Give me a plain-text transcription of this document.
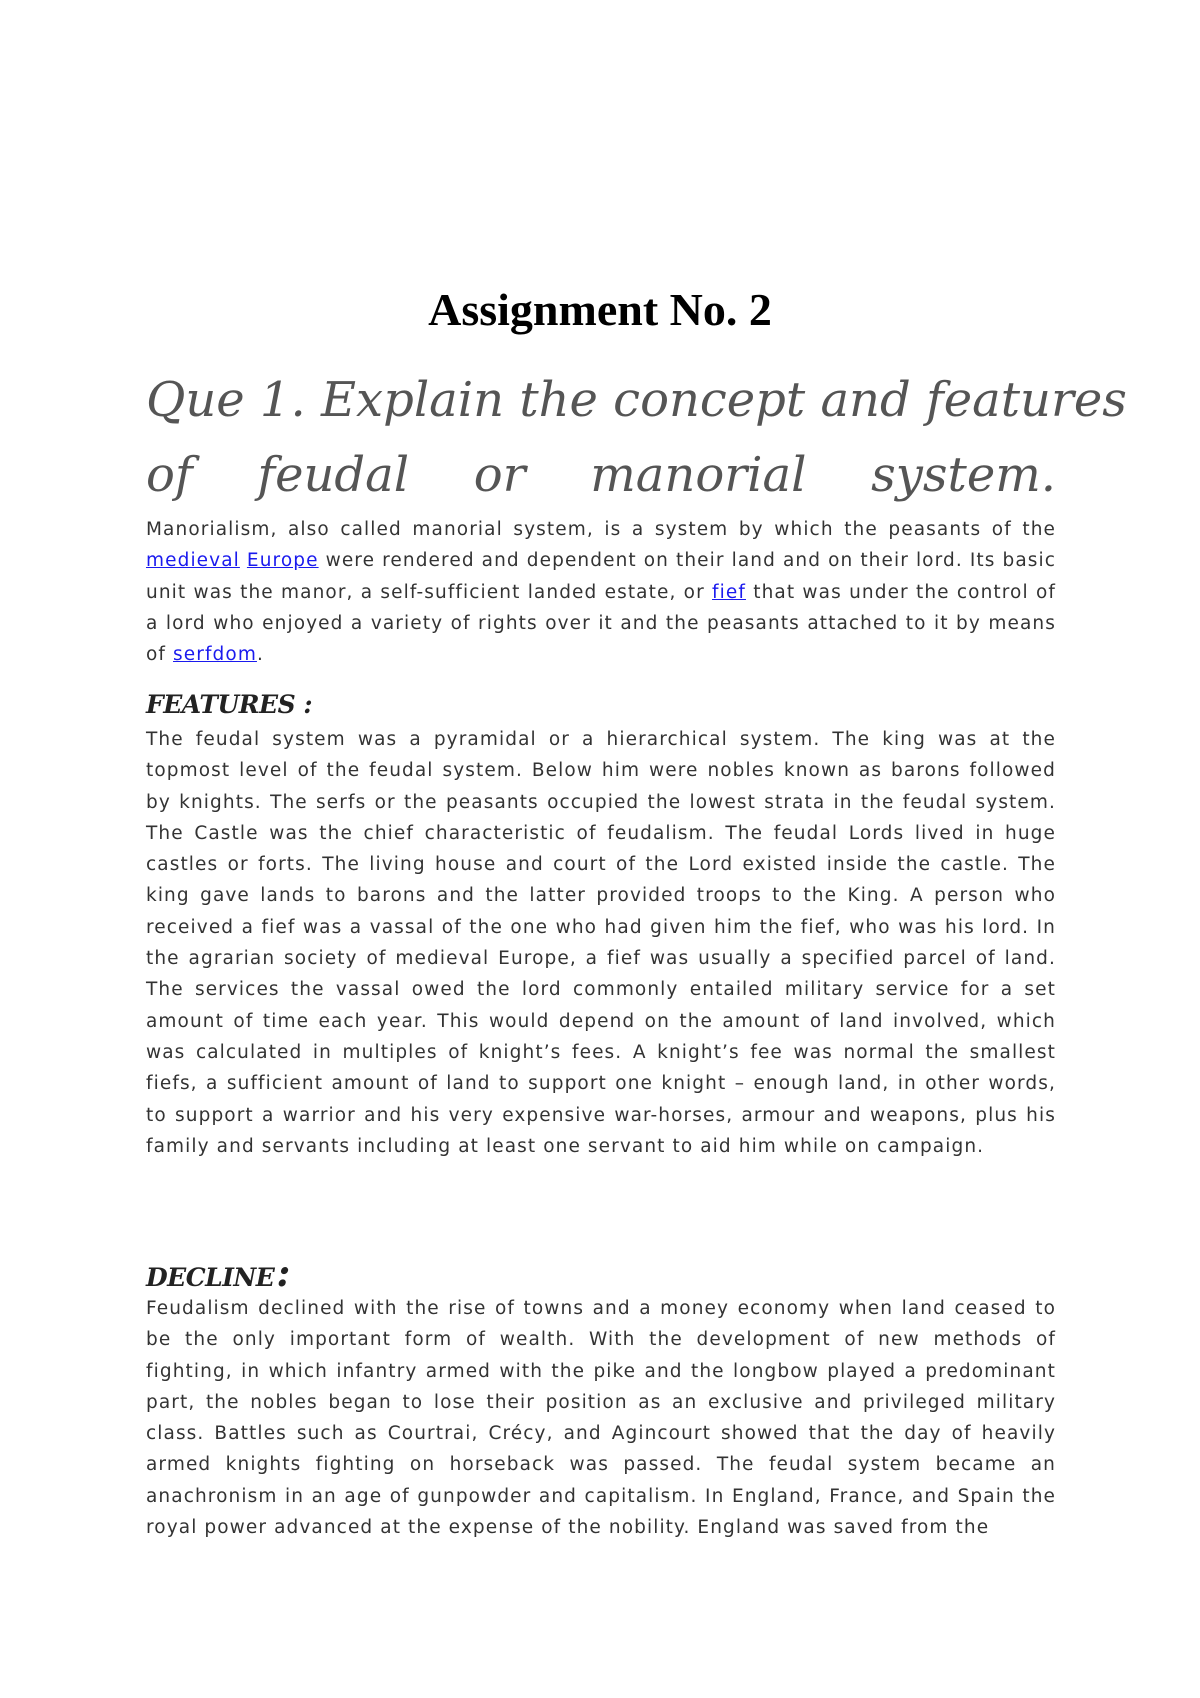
Assignment No. 2
Que 1. Explain the concept and features
of feudal or manorial system.

Manorialism, also called manorial system, is a system by which the peasants of the medieval Europe were rendered and dependent on their land and on their lord. Its basic unit was the manor, a self-sufficient landed estate, or fief that was under the control of a lord who enjoyed a variety of rights over it and the peasants attached to it by means of serfdom.

FEATURES :

The feudal system was a pyramidal or a hierarchical system. The king was at the topmost level of the feudal system. Below him were nobles known as barons followed by knights. The serfs or the peasants occupied the lowest strata in the feudal system. The Castle was the chief characteristic of feudalism. The feudal Lords lived in huge castles or forts. The living house and court of the Lord existed inside the castle. The king gave lands to barons and the latter provided troops to the King. A person who received a fief was a vassal of the one who had given him the fief, who was his lord. In the agrarian society of medieval Europe, a fief was usually a specified parcel of land. The services the vassal owed the lord commonly entailed military service for a set amount of time each year. This would depend on the amount of land involved, which was calculated in multiples of knight’s fees. A knight’s fee was normal the smallest fiefs, a sufficient amount of land to support one knight – enough land, in other words, to support a warrior and his very expensive war-horses, armour and weapons, plus his family and servants including at least one servant to aid him while on campaign.

DECLINE:

Feudalism declined with the rise of towns and a money economy when land ceased to be the only important form of wealth. With the development of new methods of fighting, in which infantry armed with the pike and the longbow played a predominant part, the nobles began to lose their position as an exclusive and privileged military class. Battles such as Courtrai, Crécy, and Agincourt showed that the day of heavily armed knights fighting on horseback was passed. The feudal system became an anachronism in an age of gunpowder and capitalism. In England, France, and Spain the royal power advanced at the expense of the nobility. England was saved from the
